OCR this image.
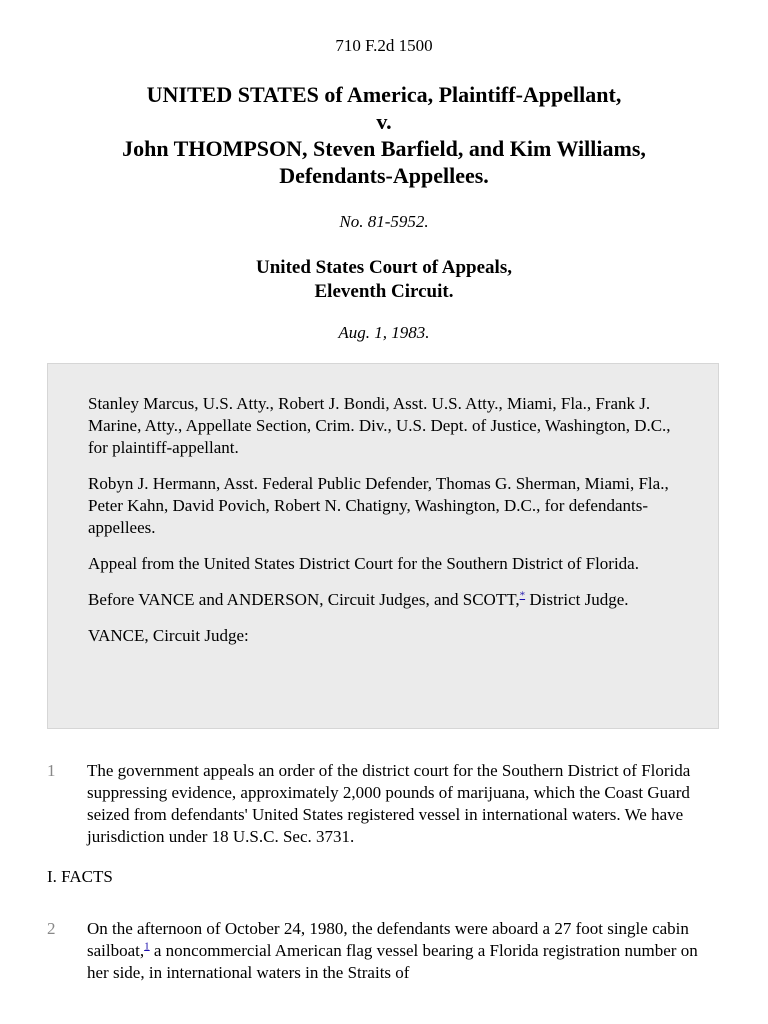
710 F.2d 1500
UNITED STATES of America, Plaintiff-Appellant,
v.
John THOMPSON, Steven Barfield, and Kim Williams,
Defendants-Appellees.
No. 81-5952.
United States Court of Appeals,
Eleventh Circuit.
Aug. 1, 1983.

Stanley Marcus, U.S. Atty., Robert J. Bondi, Asst. U.S. Atty., Miami, Fla., Frank J. Marine, Atty., Appellate Section, Crim. Div., U.S. Dept. of Justice, Washington, D.C., for plaintiff-appellant.

Robyn J. Hermann, Asst. Federal Public Defender, Thomas G. Sherman, Miami, Fla., Peter Kahn, David Povich, Robert N. Chatigny, Washington, D.C., for defendants-appellees.

Appeal from the United States District Court for the Southern District of Florida.

Before VANCE and ANDERSON, Circuit Judges, and SCOTT,* District Judge.

VANCE, Circuit Judge:

1	The government appeals an order of the district court for the Southern District of Florida suppressing evidence, approximately 2,000 pounds of marijuana, which the Coast Guard seized from defendants' United States registered vessel in international waters. We have jurisdiction under 18 U.S.C. Sec. 3731.
I. FACTS
2	On the afternoon of October 24, 1980, the defendants were aboard a 27 foot single cabin sailboat,$^1$ a noncommercial American flag vessel bearing a Florida registration number on her side, in international waters in the Straits of
